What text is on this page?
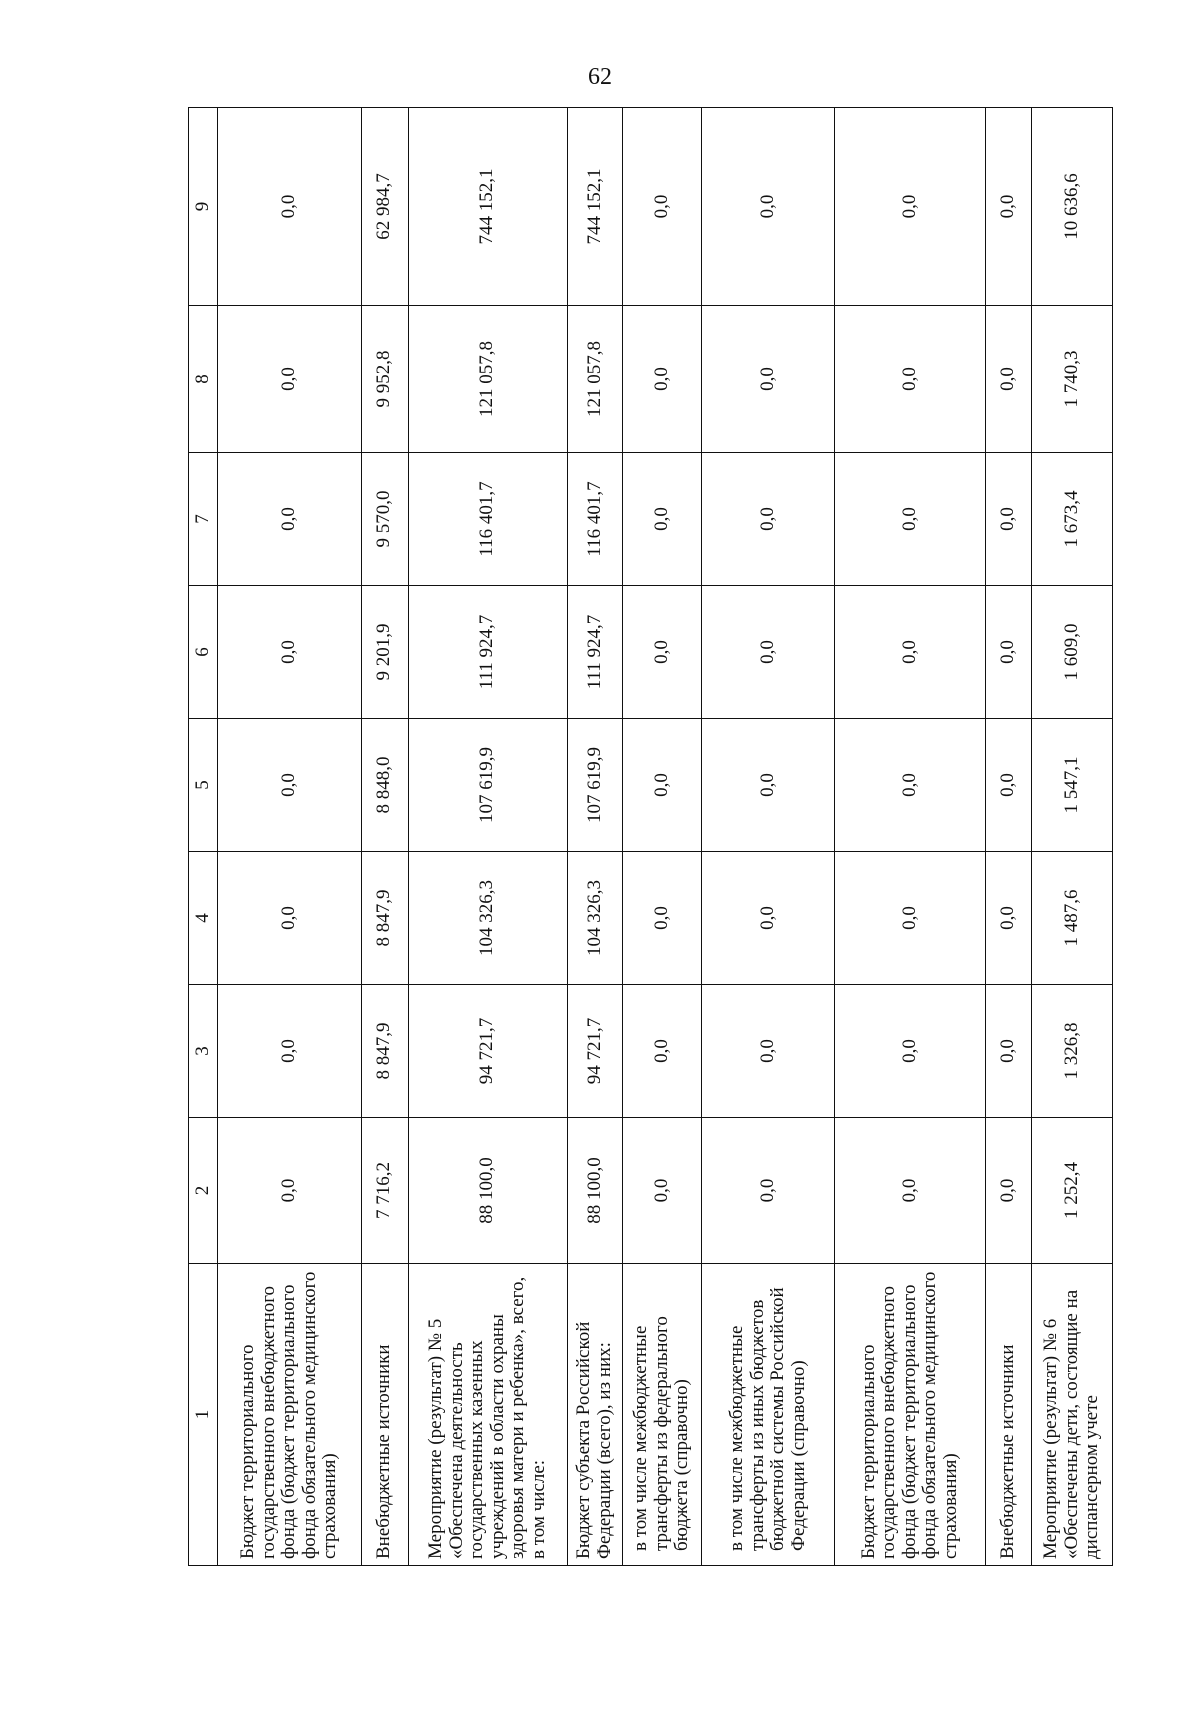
62
1	2	3	4	5	6	7	8	9
Бюджет территориального государственного внебюджетного фонда (бюджет территориального фонда обязательного медицинского страхования)	0,0	0,0	0,0	0,0	0,0	0,0	0,0	0,0
Внебюджетные источники	7 716,2	8 847,9	8 847,9	8 848,0	9 201,9	9 570,0	9 952,8	62 984,7
Мероприятие (результат) № 5 «Обеспечена деятельность государственных казенных учреждений в области охраны здоровья матери и ребенка», всего, в том числе:	88 100,0	94 721,7	104 326,3	107 619,9	111 924,7	116 401,7	121 057,8	744 152,1
Бюджет субъекта Российской Федерации (всего), из них:	88 100,0	94 721,7	104 326,3	107 619,9	111 924,7	116 401,7	121 057,8	744 152,1
в том числе межбюджетные трансферты из федерального бюджета (справочно)	0,0	0,0	0,0	0,0	0,0	0,0	0,0	0,0
в том числе межбюджетные трансферты из иных бюджетов бюджетной системы Российской Федерации (справочно)	0,0	0,0	0,0	0,0	0,0	0,0	0,0	0,0
Бюджет территориального государственного внебюджетного фонда (бюджет территориального фонда обязательного медицинского страхования)	0,0	0,0	0,0	0,0	0,0	0,0	0,0	0,0
Внебюджетные источники	0,0	0,0	0,0	0,0	0,0	0,0	0,0	0,0
Мероприятие (результат) № 6 «Обеспечены дети, состоящие на диспансерном учете	1 252,4	1 326,8	1 487,6	1 547,1	1 609,0	1 673,4	1 740,3	10 636,6
